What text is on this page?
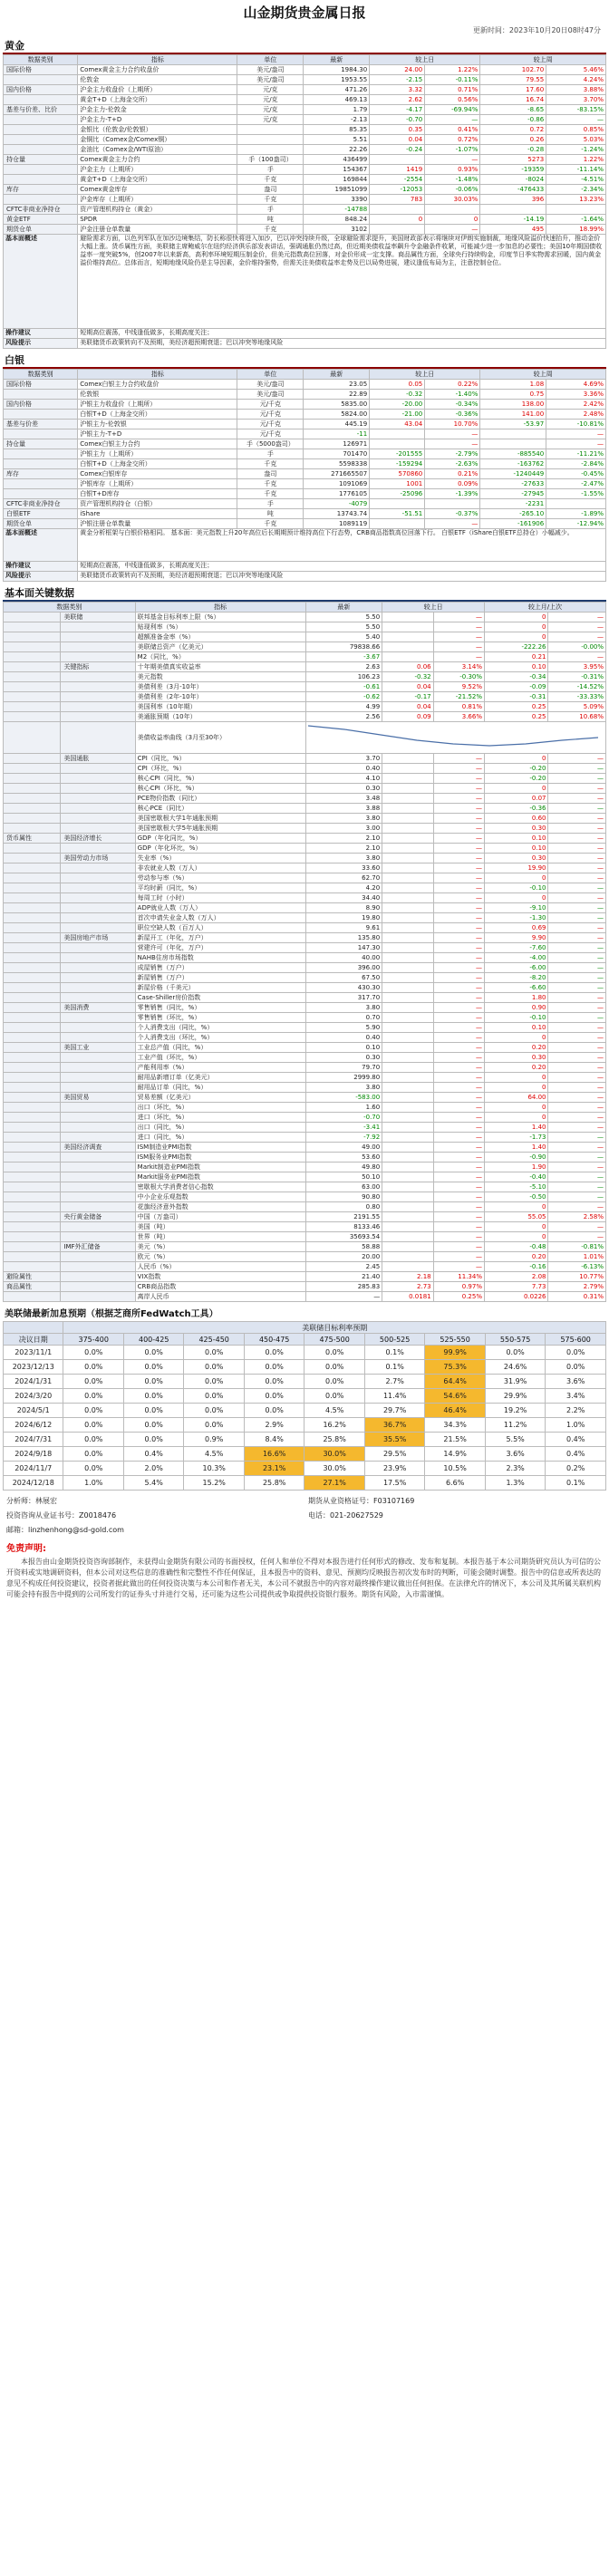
山金期货贵金属日报
更新时间：2023年10月20日08时47分
黄金
数据类别	指标	单位	最新	较上日		较上周	
国际价格	Comex黄金主力合约收盘价	美元/盎司	1984.30	24.00	1.22%	102.70	5.46%
	伦敦金	美元/盎司	1953.55	-2.15	-0.11%	79.55	4.24%
国内价格	沪金主力收盘价（上期所）	元/克	471.26	3.32	0.71%	17.60	3.88%
	黄金T+D（上海金交所）	元/克	469.13	2.62	0.56%	16.74	3.70%
基差与价差、比价	沪金主力-伦敦金	元/克	1.79	-4.17	-69.94%	-8.65	-83.15%
	沪金主力-T+D	元/克	-2.13	-0.70	—	-0.86	—
	金银比（伦敦金/伦敦银）		85.35	0.35	0.41%	0.72	0.85%
	金铜比（Comex金/Comex铜）		5.51	0.04	0.72%	0.26	5.03%
	金油比（Comex金/WTI原油）		22.26	-0.24	-1.07%	-0.28	-1.24%
持仓量	Comex黄金主力合约	手（100盎司）	436499		—	5273	1.22%
	沪金主力（上期所）	手	154367	1419	0.93%	-19359	-11.14%
	黄金T+D（上海金交所）	千克	169844	-2554	-1.48%	-8024	-4.51%
库存	Comex黄金库存	盎司	19851099	-12053	-0.06%	-476433	-2.34%
	沪金库存（上期所）	千克	3390	783	30.03%	396	13.23%
CFTC非商业净持仓	资产管理机构持仓（黄金）	手	-14788				
黄金ETF	SPDR	吨	848.24	0	0	-14.19	-1.64%
期货仓单	沪金注册仓单数量	千克	3102		—	495	18.99%
基本面概述	避险需求方面，以色列军队在加沙边境集结，防长称很快将进入加沙，巴以冲突持续升级，全球避险需求提升，美国财政部表示将继续对伊朗实施制裁，地缘风险溢价快速抬升，推动金价大幅上涨。货币属性方面，美联储主席鲍威尔在纽约经济俱乐部发表讲话，强调通胀仍然过高，但近期美债收益率飙升令金融条件收紧，可能减少进一步加息的必要性；美国10年期国债收益率一度突破5%，创2007年以来新高，高利率环境短期压制金价，但美元指数高位回落，对金价形成一定支撑。商品属性方面，全球央行持续购金，印度节日季实物需求回暖，国内黄金溢价维持高位。总体而言，短期地缘风险仍是主导因素，金价维持强势，但需关注美债收益率走势及巴以局势进展，建议逢低布局为主，注意控制仓位。						
操作建议	短期高位震荡，中线逢低做多，长期高度关注；						
风险提示	美联储货币政策转向不及预期，美经济超预期衰退；巴以冲突等地缘风险						
白银
数据类别	指标	单位	最新	较上日		较上周	
国际价格	Comex白银主力合约收盘价	美元/盎司	23.05	0.05	0.22%	1.08	4.69%
	伦敦银	美元/盎司	22.89	-0.32	-1.40%	0.75	3.36%
国内价格	沪银主力收盘价（上期所）	元/千克	5835.00	-20.00	-0.34%	138.00	2.42%
	白银T+D（上海金交所）	元/千克	5824.00	-21.00	-0.36%	141.00	2.48%
基差与价差	沪银主力-伦敦银	元/千克	445.19	43.04	10.70%	-53.97	-10.81%
	沪银主力-T+D	元/千克	-11		—		—
持仓量	Comex白银主力合约	手（5000盎司）	126971		—		—
	沪银主力（上期所）	手	701470	-201555	-2.79%	-885540	-11.21%
	白银T+D（上海金交所）	千克	5598338	-159294	-2.63%	-163762	-2.84%
库存	Comex白银库存	盎司	271665507	570860	0.21%	-1240449	-0.45%
	沪银库存（上期所）	千克	1091069	1001	0.09%	-27633	-2.47%
	白银T+D库存	千克	1776105	-25096	-1.39%	-27945	-1.55%
CFTC非商业净持仓	资产管理机构持仓（白银）	手	-4079			-2231	
白银ETF	iShare	吨	13743.74	-51.51	-0.37%	-265.10	-1.89%
期货仓单	沪银注册仓单数量	千克	1089119		—	-161906	-12.94%
基本面概述	黄金分析框架与白银价格相同。 基本面：美元指数上升20年高位后长期期预计维持高位下行态势，CRB商品指数高位回落下行。 白银ETF（iShare白银ETF总持仓）小幅减少。						
操作建议	短期高位震荡，中线逢低做多，长期高度关注；						
风险提示	美联储货币政策转向不及预期，美经济超预期衰退；巴以冲突等地缘风险						
基本面关键数据
数据类别		指标	最新	较上日		较上月/上次	
	美联储	联邦基金目标利率上限（%）	5.50		—	0	—
		贴现利率（%）	5.50		—	0	—
		超额准备金率（%）	5.40		—	0	—
		美联储总资产（亿美元）	79838.66		—	-222.26	-0.00%
		M2（同比，%）	-3.67		—	0.21	—
	关键指标	十年期美债真实收益率	2.63	0.06	3.14%	0.10	3.95%
		美元指数	106.23	-0.32	-0.30%	-0.34	-0.31%
		美债利差（3月-10年）	-0.61	0.04	9.52%	-0.09	-14.52%
		美债利差（2年-10年）	-0.62	-0.17	-21.52%	-0.31	-33.33%
		美国利率（10年期）	4.99	0.04	0.81%	0.25	5.09%
		美通胀预期（10年）	2.56	0.09	3.66%	0.25	10.68%
		美债收益率曲线（3月至30年）	
	美国通胀	CPI（同比，%）	3.70		—	0	—
		CPI（环比，%）	0.40		—	-0.20	—
		核心CPI（同比，%）	4.10		—	-0.20	—
		核心CPI（环比，%）	0.30		—	0	—
		PCE物价指数（同比）	3.48		—	0.07	—
		核心PCE（同比）	3.88		—	-0.36	—
		美国密歇根大学1年通胀预期	3.80		—	0.60	—
		美国密歇根大学5年通胀预期	3.00		—	0.30	—
货币属性	美国经济增长	GDP（年化同比，%）	2.10		—	0.10	—
		GDP（年化环比，%）	2.10		—	0.10	—
	美国劳动力市场	失业率（%）	3.80		—	0.30	—
		非农就业人数（万人）	33.60		—	19.90	—
		劳动参与率（%）	62.70		—	0	—
		平均时薪（同比，%）	4.20		—	-0.10	—
		每周工时（小时）	34.40		—	0	—
		ADP就业人数（万人）	8.90		—	-9.10	—
		首次申请失业金人数（万人）	19.80		—	-1.30	—
		职位空缺人数（百万人）	9.61		—	0.69	—
	美国房地产市场	新屋开工（年化，万户）	135.80		—	9.90	—
		营建许可（年化，万户）	147.30		—	-7.60	—
		NAHB住房市场指数	40.00		—	-4.00	—
		成屋销售（万户）	396.00		—	-6.00	—
		新屋销售（万户）	67.50		—	-8.20	—
		新屋价格（千美元）	430.30		—	-6.60	—
		Case-Shiller房价指数	317.70		—	1.80	—
	美国消费	零售销售（同比，%）	3.80		—	0.90	—
		零售销售（环比，%）	0.70		—	-0.10	—
		个人消费支出（同比，%）	5.90		—	0.10	—
		个人消费支出（环比，%）	0.40		—	0	—
	美国工业	工业总产值（同比，%）	0.10		—	0.20	—
		工业产值（环比，%）	0.30		—	0.30	—
		产能利用率（%）	79.70		—	0.20	—
		耐用品新增订单（亿美元）	2999.80		—	0	—
		耐用品订单（同比，%）	3.80		—	0	—
	美国贸易	贸易差额（亿美元）	-583.00		—	64.00	—
		出口（环比，%）	1.60		—	0	—
		进口（环比，%）	-0.70		—	0	—
		出口（同比，%）	-3.41		—	1.40	—
		进口（同比，%）	-7.92		—	-1.73	—
	美国经济调查	ISM制造业PMI指数	49.00		—	1.40	—
		ISM服务业PMI指数	53.60		—	-0.90	—
		Markit制造业PMI指数	49.80		—	1.90	—
		Markit服务业PMI指数	50.10		—	-0.40	—
		密歇根大学消费者信心指数	63.00		—	-5.10	—
		中小企业乐观指数	90.80		—	-0.50	—
		花旗经济意外指数	0.80		—	0	—
	央行黄金储备	中国（万盎司）	2191.55		—	55.05	2.58%
		美国（吨）	8133.46		—	0	—
		世界（吨）	35693.54		—	0	—
	IMF外汇储备	美元（%）	58.88		—	-0.48	-0.81%
		欧元（%）	20.00		—	0.20	1.01%
		人民币（%）	2.45		—	-0.16	-6.13%
避险属性		VIX指数	21.40	2.18	11.34%	2.08	10.77%
商品属性		CRB商品指数	285.83	2.73	0.97%	7.73	2.79%
		离岸人民币	—	0.0181	0.25%	0.0226	0.31%
美联储最新加息预期（根据芝商所FedWatch工具）
	美联储目标利率预期								
决议日期	375-400	400-425	425-450	450-475	475-500	500-525	525-550	550-575	575-600
2023/11/1	0.0%	0.0%	0.0%	0.0%	0.0%	0.1%	99.9%	0.0%	0.0%
2023/12/13	0.0%	0.0%	0.0%	0.0%	0.0%	0.1%	75.3%	24.6%	0.0%
2024/1/31	0.0%	0.0%	0.0%	0.0%	0.0%	2.7%	64.4%	31.9%	3.6%
2024/3/20	0.0%	0.0%	0.0%	0.0%	0.0%	11.4%	54.6%	29.9%	3.4%
2024/5/1	0.0%	0.0%	0.0%	0.0%	4.5%	29.7%	46.4%	19.2%	2.2%
2024/6/12	0.0%	0.0%	0.0%	2.9%	16.2%	36.7%	34.3%	11.2%	1.0%
2024/7/31	0.0%	0.0%	0.9%	8.4%	25.8%	35.5%	21.5%	5.5%	0.4%
2024/9/18	0.0%	0.4%	4.5%	16.6%	30.0%	29.5%	14.9%	3.6%	0.4%
2024/11/7	0.0%	2.0%	10.3%	23.1%	30.0%	23.9%	10.5%	2.3%	0.2%
2024/12/18	1.0%	5.4%	15.2%	25.8%	27.1%	17.5%	6.6%	1.3%	0.1%
分析师：林展宏	期货从业资格证号：F03107169
投资咨询从业证书号：Z0018476	电话：021-20627529
邮箱：linzhenhong@sd-gold.com	
免责声明:
本报告由山金期货投资咨询部制作，未获得山金期货有限公司的书面授权，任何人和单位不得对本报告进行任何形式的修改、发布和复制。本报告基于本公司期货研究员认为可信的公开资料或实地调研资料，但本公司对这些信息的准确性和完整性不作任何保证，且本报告中的资料、意见、预测均反映报告初次发布时的判断，可能会随时调整。报告中的信息或所表达的意见不构成任何投资建议，投资者据此做出的任何投资决策与本公司和作者无关，本公司不就报告中的内容对最终操作建议做出任何担保。在法律允许的情况下，本公司及其所属关联机构可能会持有报告中提到的公司所发行的证券头寸并进行交易，还可能为这些公司提供或争取提供投资银行服务。期货有风险，入市需谨慎。
